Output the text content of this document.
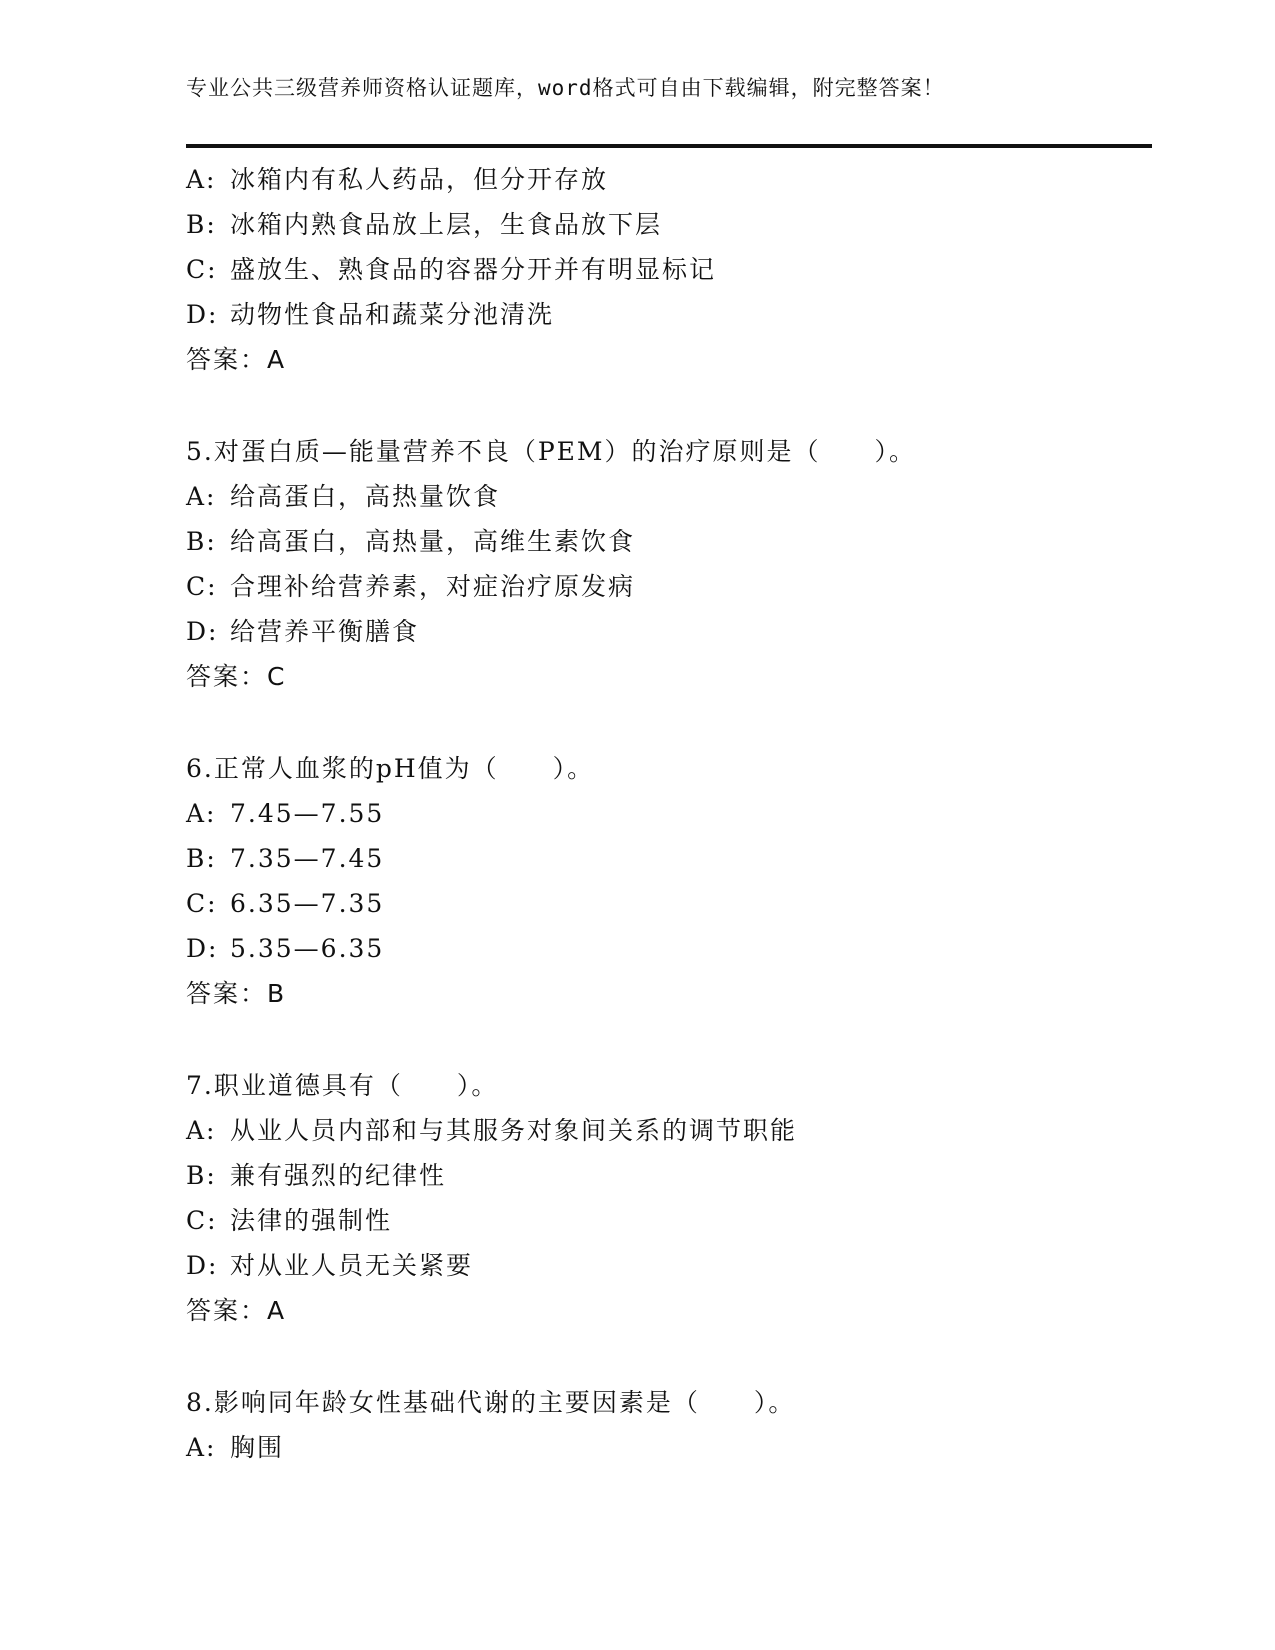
专业公共三级营养师资格认证题库，word格式可自由下载编辑，附完整答案！
A: 冰箱内有私人药品，但分开存放
B: 冰箱内熟食品放上层，生食品放下层
C: 盛放生、熟食品的容器分开并有明显标记
D: 动物性食品和蔬菜分池清洗
答案：A
5.对蛋白质—能量营养不良（PEM）的治疗原则是（　　）。
A: 给高蛋白，高热量饮食
B: 给高蛋白，高热量，高维生素饮食
C: 合理补给营养素，对症治疗原发病
D: 给营养平衡膳食
答案：C
6.正常人血浆的pH值为（　　）。
A: 7.45—7.55
B: 7.35—7.45
C: 6.35—7.35
D: 5.35—6.35
答案：B
7.职业道德具有（　　）。
A: 从业人员内部和与其服务对象间关系的调节职能
B: 兼有强烈的纪律性
C: 法律的强制性
D: 对从业人员无关紧要
答案：A
8.影响同年龄女性基础代谢的主要因素是（　　）。
A: 胸围
